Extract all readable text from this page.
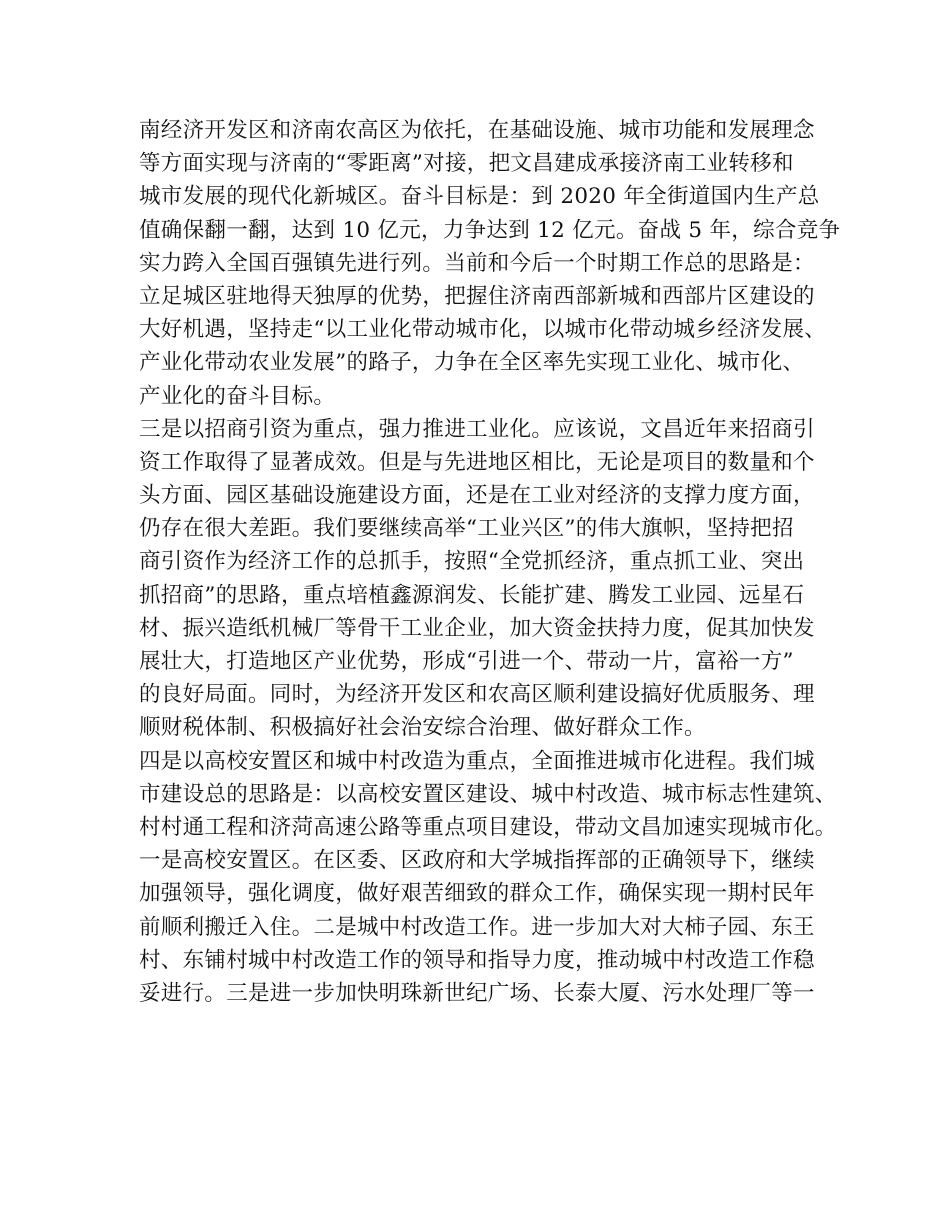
南经济开发区和济南农高区为依托，在基础设施、城市功能和发展理念
等方面实现与济南的“零距离”对接，把文昌建成承接济南工业转移和
城市发展的现代化新城区。奋斗目标是：到 2020 年全街道国内生产总
值确保翻一翻，达到 10 亿元，力争达到 12 亿元。奋战 5 年，综合竞争
实力跨入全国百强镇先进行列。当前和今后一个时期工作总的思路是：
立足城区驻地得天独厚的优势，把握住济南西部新城和西部片区建设的
大好机遇，坚持走“以工业化带动城市化，以城市化带动城乡经济发展、
产业化带动农业发展”的路子，力争在全区率先实现工业化、城市化、
产业化的奋斗目标。
三是以招商引资为重点，强力推进工业化。应该说，文昌近年来招商引
资工作取得了显著成效。但是与先进地区相比，无论是项目的数量和个
头方面、园区基础设施建设方面，还是在工业对经济的支撑力度方面，
仍存在很大差距。我们要继续高举“工业兴区”的伟大旗帜，坚持把招
商引资作为经济工作的总抓手，按照“全党抓经济，重点抓工业、突出
抓招商”的思路，重点培植鑫源润发、长能扩建、腾发工业园、远星石
材、振兴造纸机械厂等骨干工业企业，加大资金扶持力度，促其加快发
展壮大，打造地区产业优势，形成“引进一个、带动一片，富裕一方”
的良好局面。同时，为经济开发区和农高区顺利建设搞好优质服务、理
顺财税体制、积极搞好社会治安综合治理、做好群众工作。
四是以高校安置区和城中村改造为重点，全面推进城市化进程。我们城
市建设总的思路是：以高校安置区建设、城中村改造、城市标志性建筑、
村村通工程和济菏高速公路等重点项目建设，带动文昌加速实现城市化。
一是高校安置区。在区委、区政府和大学城指挥部的正确领导下，继续
加强领导，强化调度，做好艰苦细致的群众工作，确保实现一期村民年
前顺利搬迁入住。二是城中村改造工作。进一步加大对大柿子园、东王
村、东铺村城中村改造工作的领导和指导力度，推动城中村改造工作稳
妥进行。三是进一步加快明珠新世纪广场、长泰大厦、污水处理厂等一
